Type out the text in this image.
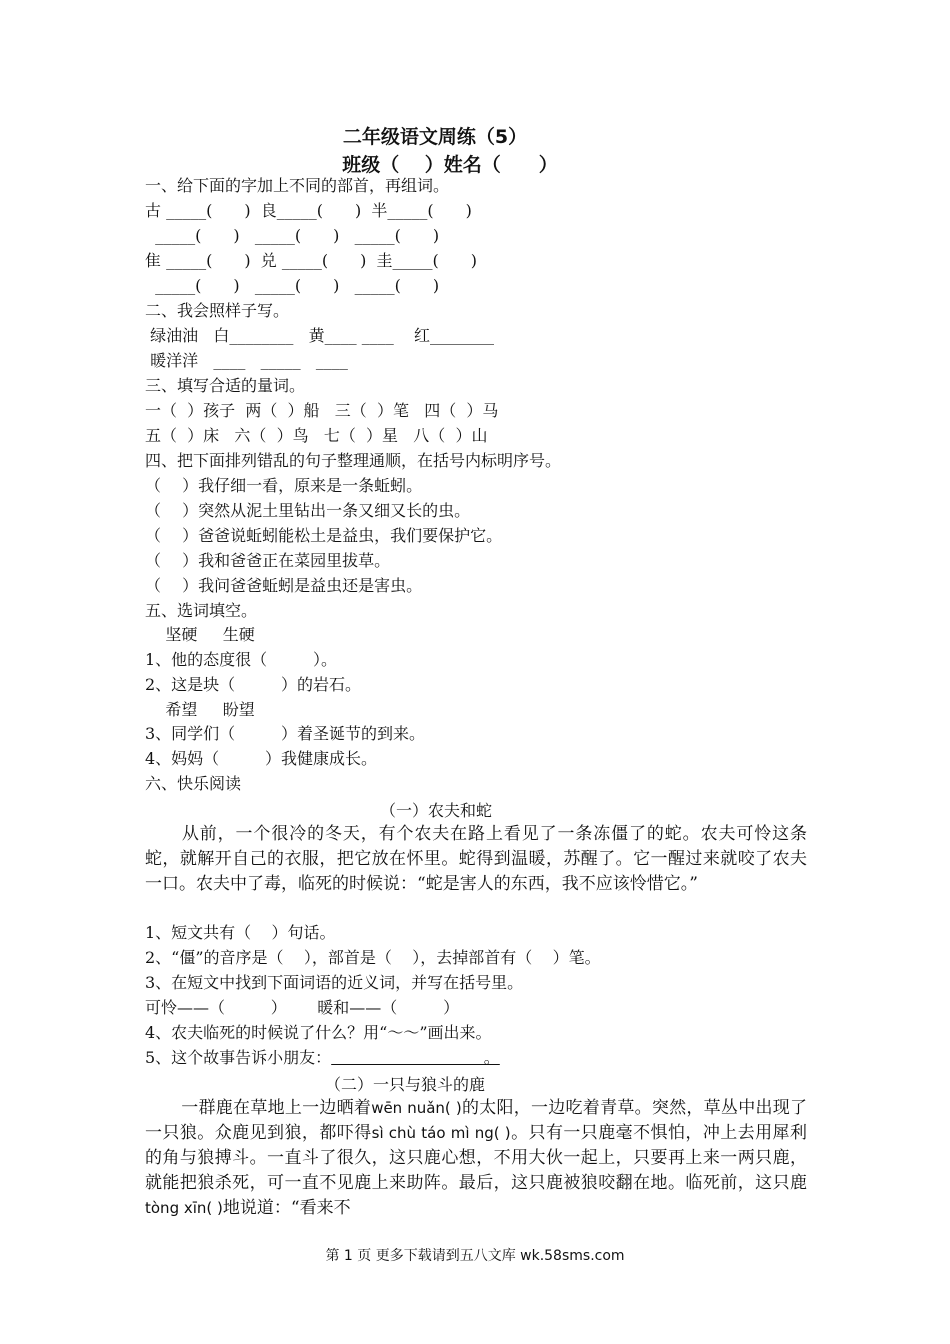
二年级语文周练（5）
班级（　 ）姓名（　　）
一、给下面的字加上不同的部首，再组词。
古 _____(　　)  良_____(　　)  半_____(　　)
_____(　　)   _____(　　)   _____(　　)
隹 _____(　　)  兑 _____(　　)  圭_____(　　)
_____(　　)   _____(　　)   _____(　　)
二、我会照样子写。
绿油油   白________   黄____ ____    红________
暖洋洋   ____   _____   ____
三、填写合适的量词。
一（  ）孩子  两（  ）船   三（  ）笔   四（  ）马
五（  ）床   六（  ）鸟   七（  ）星   八（  ）山
四、把下面排列错乱的句子整理通顺，在括号内标明序号。
（　 ）我仔细一看，原来是一条蚯蚓。
（　 ）突然从泥土里钻出一条又细又长的虫。
（　 ）爸爸说蚯蚓能松土是益虫，我们要保护它。
（　 ）我和爸爸正在菜园里拔草。
（　 ）我问爸爸蚯蚓是益虫还是害虫。
五、选词填空。
坚硬     生硬
1、他的态度很（         ）。
2、这是块（         ）的岩石。
希望     盼望
3、同学们（         ）着圣诞节的到来。
4、妈妈（         ）我健康成长。
六、快乐阅读
（一）农夫和蛇
从前，一个很冷的冬天，有个农夫在路上看见了一条冻僵了的蛇。农夫可怜这条蛇，就解开自己的衣服，把它放在怀里。蛇得到温暖，苏醒了。它一醒过来就咬了农夫一口。农夫中了毒，临死的时候说：“蛇是害人的东西，我不应该怜惜它。”
1、短文共有（    ）句话。
2、“僵”的音序是（    ），部首是（    ），去掉部首有（    ）笔。
3、在短文中找到下面词语的近义词，并写在括号里。
可怜——（         ）      暖和——（         ）
4、农夫临死的时候说了什么？用“～～”画出来。
5、这个故事告诉小朋友：                              。
（二）一只与狼斗的鹿
一群鹿在草地上一边晒着wēn nuǎn( )的太阳，一边吃着青草。突然，草丛中出现了一只狼。众鹿见到狼，都吓得sì chù táo mì ng( )。只有一只鹿毫不惧怕，冲上去用犀利的角与狼搏斗。一直斗了很久，这只鹿心想，不用大伙一起上，只要再上来一两只鹿，就能把狼杀死，可一直不见鹿上来助阵。最后，这只鹿被狼咬翻在地。临死前，这只鹿tòng xīn( )地说道：“看来不
第 1 页 更多下载请到五八文库 wk.58sms.com
